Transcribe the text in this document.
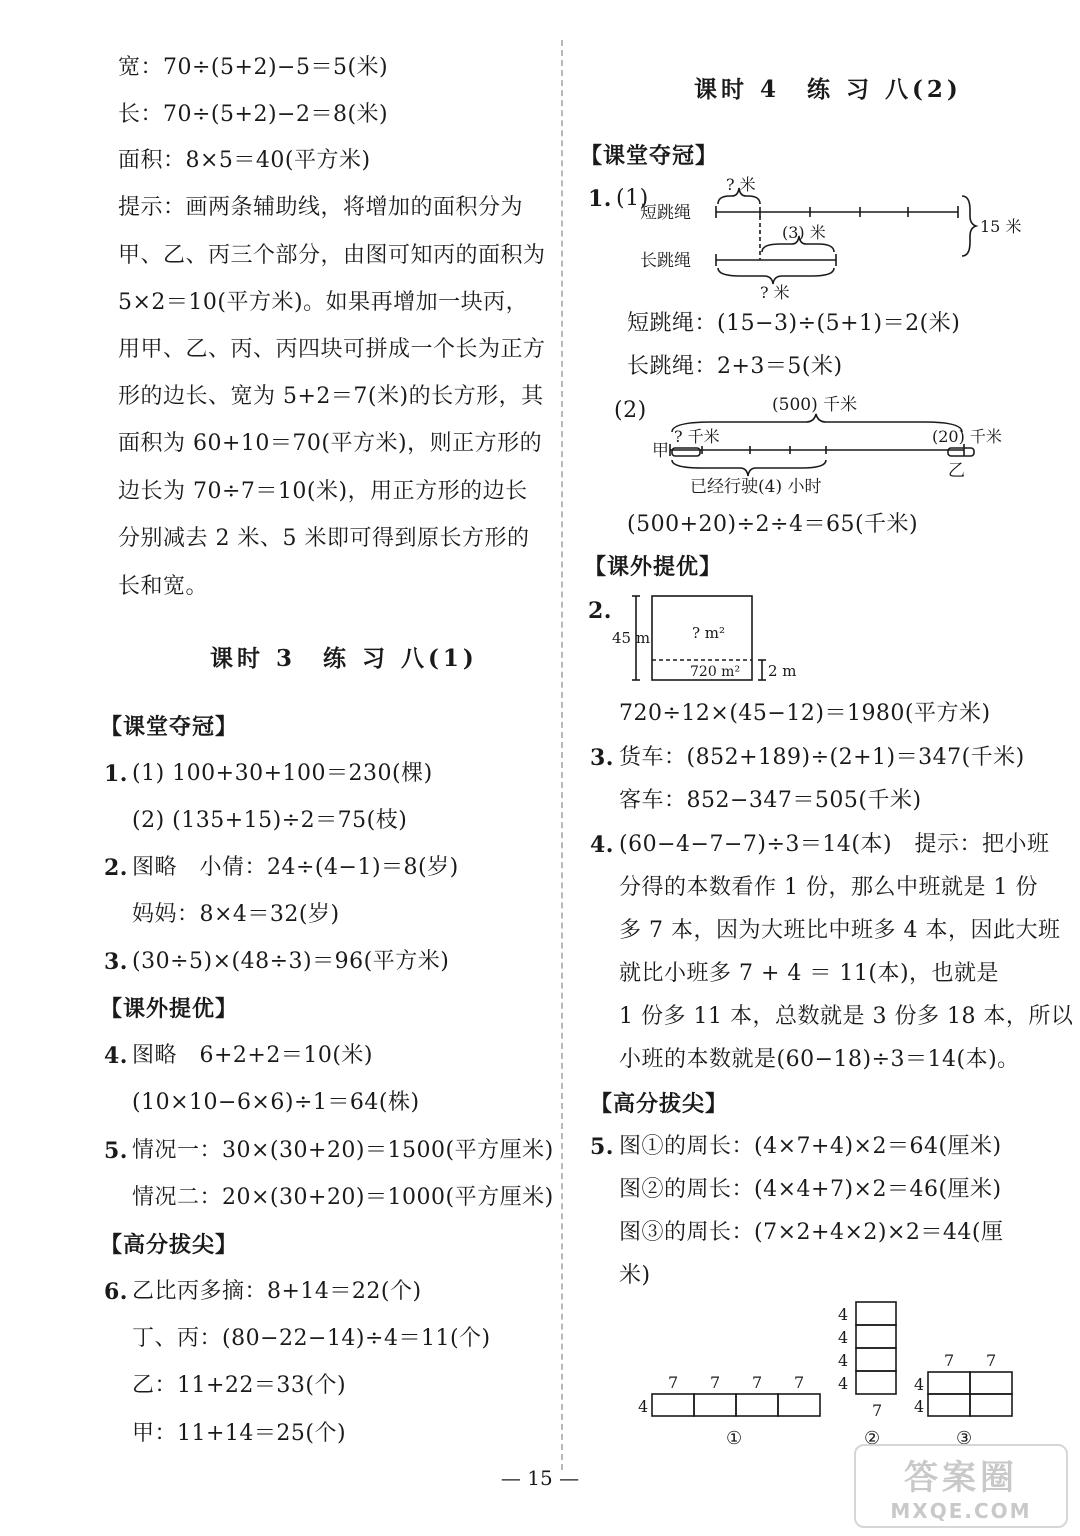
宽：70÷(5+2)−5＝5(米)
长：70÷(5+2)−2＝8(米)
面积：8×5＝40(平方米)
提示：画两条辅助线，将增加的面积分为
甲、乙、丙三个部分，由图可知丙的面积为
5×2＝10(平方米)。如果再增加一块丙，
用甲、乙、丙、丙四块可拼成一个长为正方
形的边长、宽为 5+2＝7(米)的长方形，其
面积为 60+10＝70(平方米)，则正方形的
边长为 70÷7＝10(米)，用正方形的边长
分别减去 2 米、5 米即可得到原长方形的
长和宽。
课时 3　练 习 八(1)
【课堂夺冠】
1. (1) 100+30+100＝230(棵)
(2) (135+15)÷2＝75(枝)
2. 图略　小倩：24÷(4−1)＝8(岁)
妈妈：8×4＝32(岁)
3. (30÷5)×(48÷3)＝96(平方米)
【课外提优】
4. 图略　6+2+2＝10(米)
(10×10−6×6)÷1＝64(株)
5. 情况一：30×(30+20)＝1500(平方厘米)
情况二：20×(30+20)＝1000(平方厘米)
【高分拔尖】
6. 乙比丙多摘：8+14＝22(个)
丁、丙：(80−22−14)÷4＝11(个)
乙：11+22＝33(个)
甲：11+14＝25(个)
课时 4　练 习 八(2)
【课堂夺冠】
1. (1)
短跳绳
长跳绳
? 米
(3) 米
? 米
15 米
短跳绳：(15−3)÷(5+1)＝2(米)
长跳绳：2+3＝5(米)
(2)	(500) 千米
? 千米	(20) 千米
甲
乙
已经行驶(4) 小时
(500+20)÷2÷4＝65(千米)
【课外提优】
2.
45 m	? m²
720 m² 2 m
720÷12×(45−12)＝1980(平方米)
3. 货车：(852+189)÷(2+1)＝347(千米)
客车：852−347＝505(千米)
4. (60−4−7−7)÷3＝14(本)　提示：把小班
分得的本数看作 1 份，那么中班就是 1 份
多 7 本，因为大班比中班多 4 本，因此大班
就比小班多 7 + 4 ＝ 11(本)，也就是
1 份多 11 本，总数就是 3 份多 18 本，所以
小班的本数就是(60−18)÷3＝14(本)。
【高分拔尖】
5. 图①的周长：(4×7+4)×2＝64(厘米)
图②的周长：(4×4+7)×2＝46(厘米)
图③的周长：(7×2+4×2)×2＝44(厘
米)
7 7 7 7
4
①
4
4
4
4
7
②
7 7
4
4
③
— 15 —	答案圈
MXQE.COM
